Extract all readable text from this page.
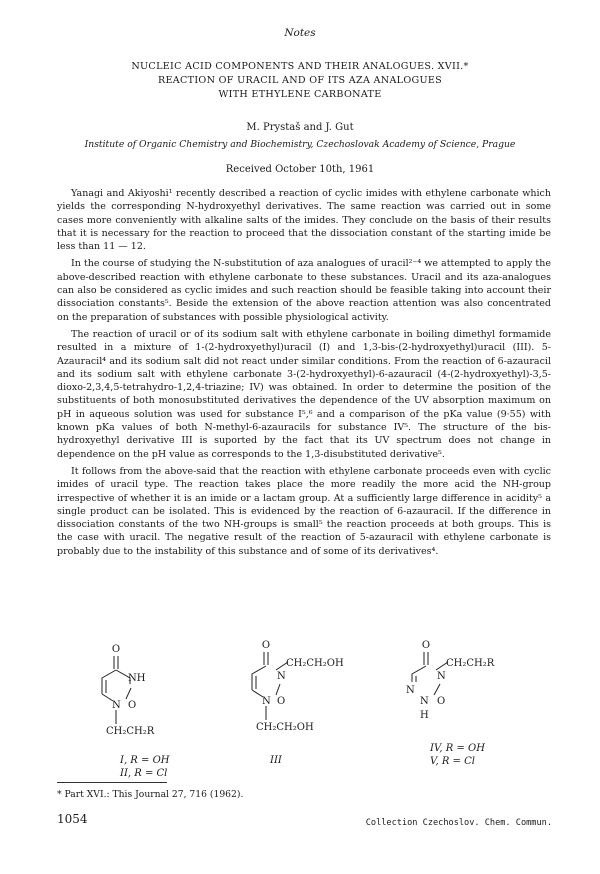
Notes
NUCLEIC ACID COMPONENTS AND THEIR ANALOGUES. XVII.*
REACTION OF URACIL AND OF ITS AZA ANALOGUES
WITH ETHYLENE CARBONATE
M. Prystaš and J. Gut
Institute of Organic Chemistry and Biochemistry, Czechoslovak Academy of Science, Prague
Received October 10th, 1961

Yanagi and Akiyoshi¹ recently described a reaction of cyclic imides with ethylene carbonate which yields the corresponding N-hydroxyethyl derivatives. The same reaction was carried out in some cases more conveniently with alkaline salts of the imides. They conclude on the basis of their results that it is necessary for the reaction to proceed that the dissociation constant of the starting imide be less than 11 — 12.

In the course of studying the N-substitution of aza analogues of uracil²⁻⁴ we attempted to apply the above-described reaction with ethylene carbonate to these substances. Uracil and its aza-analogues can also be considered as cyclic imides and such reaction should be feasible taking into account their dissociation constants⁵. Beside the extension of the above reaction attention was also concentrated on the preparation of substances with possible physiological activity.

The reaction of uracil or of its sodium salt with ethylene carbonate in boiling dimethyl formamide resulted in a mixture of 1-(2-hydroxyethyl)uracil (I) and 1,3-bis-(2-hydroxyethyl)uracil (III). 5-Azauracil⁴ and its sodium salt did not react under similar conditions. From the reaction of 6-azauracil and its sodium salt with ethylene carbonate 3-(2-hydroxyethyl)-6-azauracil (4-(2-hydroxyethyl)-3,5-dioxo-2,3,4,5-tetrahydro-1,2,4-triazine; IV) was obtained. In order to determine the position of the substituents of both monosubstituted derivatives the dependence of the UV absorption maximum on pH in aqueous solution was used for substance I⁵,⁶ and a comparison of the pKa value (9·55) with known pKa values of both N-methyl-6-azauracils for substance IV⁵. The structure of the bis-hydroxyethyl derivative III is suported by the fact that its UV spectrum does not change in dependence on the pH value as corresponds to the 1,3-disubstituted derivative⁵.

It follows from the above-said that the reaction with ethylene carbonate proceeds even with cyclic imides of uracil type. The reaction takes place the more readily the more acid the NH-group irrespective of whether it is an imide or a lactam group. At a sufficiently large difference in acidity⁵ a single product can be isolated. This is evidenced by the reaction of 6-azauracil. If the difference in dissociation constants of the two NH-groups is small⁵ the reaction proceeds at both groups. This is the case with uracil. The negative result of the reaction of 5-azauracil with ethylene carbonate is probably due to the instability of this substance and of some of its derivatives⁴.

O
NH
N O
CH₂CH₂R
I, R = OH
II, R = Cl
O
CH₂CH₂OH
N
N O
CH₂CH₂OH
III
O
CH₂CH₂R
N
N
N O
H
IV, R = OH
V, R = Cl
* Part XVI.: This Journal 27, 716 (1962).
1054	Collection Czechoslov. Chem. Commun.
